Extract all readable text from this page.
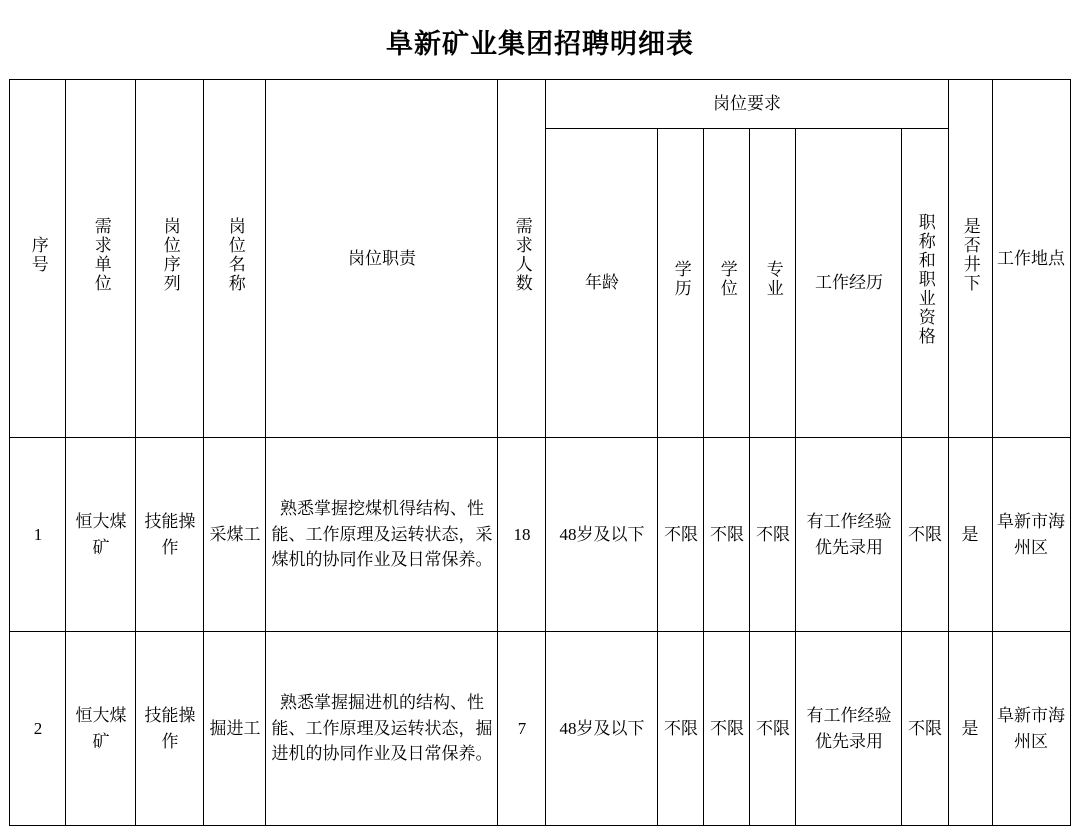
阜新矿业集团招聘明细表
序号	需求单位	岗位序列	岗位名称	岗位职责	需求人数	岗位要求						是否井下	工作地点
						年龄	学历	学位	专业	工作经历	职称和职业资格		
1	恒大煤矿	技能操作	采煤工	熟悉掌握挖煤机得结构、性能、工作原理及运转状态，采煤机的协同作业及日常保养。	18	48岁及以下	不限	不限	不限	有工作经验优先录用	不限	是	阜新市海州区
2	恒大煤矿	技能操作	掘进工	熟悉掌握掘进机的结构、性能、工作原理及运转状态，掘进机的协同作业及日常保养。	7	48岁及以下	不限	不限	不限	有工作经验优先录用	不限	是	阜新市海州区
